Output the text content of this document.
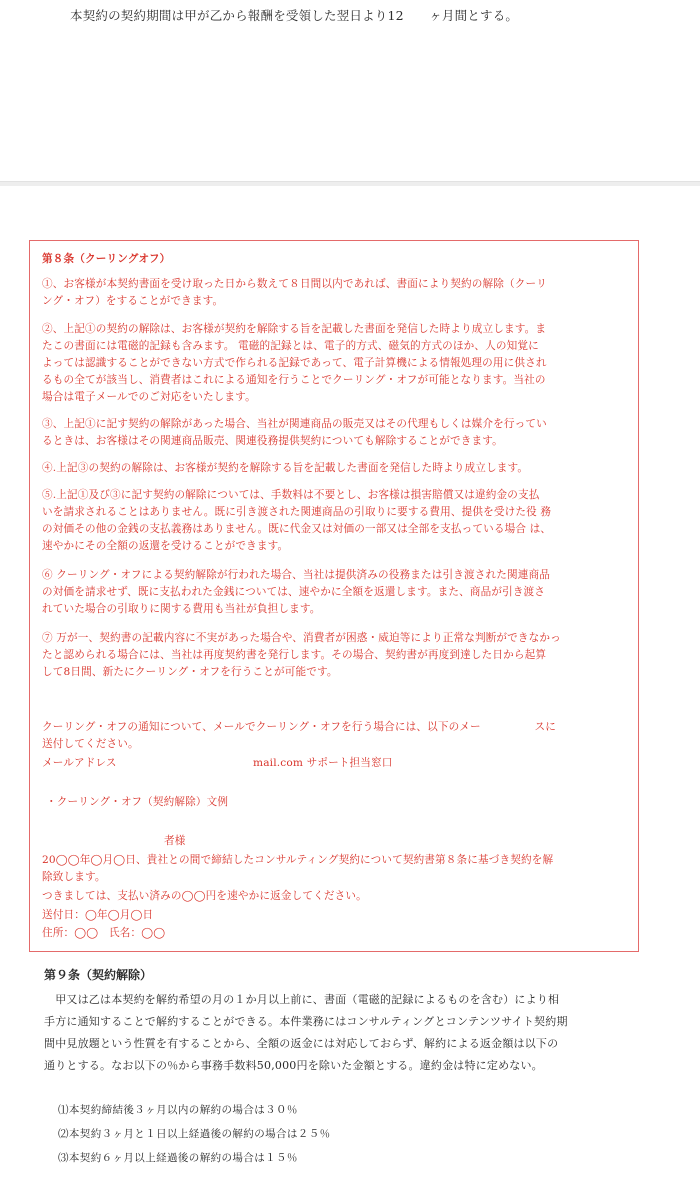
本契約の契約期間は甲が乙から報酬を受領した翌日より12　　ヶ月間とする。
第８条（クーリングオフ）
①、お客様が本契約書面を受け取った日から数えて８日間以内であれば、書面により契約の解除（クーリ
ング・オフ）をすることができます。
②、上記①の契約の解除は、お客様が契約を解除する旨を記載した書面を発信した時より成立します。ま
たこの書面には電磁的記録も含みます。 電磁的記録とは、電子的方式、磁気的方式のほか、人の知覚に
よっては認識することができない方式で作られる記録であって、電子計算機による情報処理の用に供され
るもの全てが該当し、消費者はこれによる通知を行うことでクーリング・オフが可能となります。当社の
場合は電子メールでのご対応をいたします。
③、上記①に記す契約の解除があった場合、当社が関連商品の販売又はその代理もしくは媒介を行ってい
るときは、お客様はその関連商品販売、関連役務提供契約についても解除することができます。
④.上記③の契約の解除は、お客様が契約を解除する旨を記載した書面を発信した時より成立します。
⑤.上記①及び③に記す契約の解除については、手数料は不要とし、お客様は損害賠償又は違約金の支払
いを請求されることはありません。既に引き渡された関連商品の引取りに要する費用、提供を受けた役 務
の対価その他の金銭の支払義務はありません。既に代金又は対価の一部又は全部を支払っている場合 は、
速やかにその全額の返還を受けることができます。
⑥ クーリング・オフによる契約解除が行われた場合、当社は提供済みの役務または引き渡された関連商品
の対価を請求せず、既に支払われた金銭については、速やかに全額を返還します。また、商品が引き渡さ
れていた場合の引取りに関する費用も当社が負担します。
⑦ 万が一、契約書の記載内容に不実があった場合や、消費者が困惑・威迫等により正常な判断ができなかっ
たと認められる場合には、当社は再度契約書を発行します。その場合、契約書が再度到達した日から起算
して8日間、新たにクーリング・オフを行うことが可能です。
クーリング・オフの通知について、メールでクーリング・オフを行う場合には、以下のメー　　　　　スに
送付してください。
メールアドレス	mail.com サポート担当窓口
・クーリング・オフ（契約解除）文例
者様
20◯◯年◯月◯日、貴社との間で締結したコンサルティング契約について契約書第８条に基づき契約を解
除致します。
つきましては、支払い済みの◯◯円を速やかに返金してください。
送付日：◯年◯月◯日
住所：◯◯　氏名：◯◯
第９条（契約解除）
　甲又は乙は本契約を解約希望の月の１か月以上前に、書面（電磁的記録によるものを含む）により相
手方に通知することで解約することができる。本件業務にはコンサルティングとコンテンツサイト契約期
間中見放題という性質を有することから、全額の返金には対応しておらず、解約による返金額は以下の
通りとする。なお以下の％から事務手数料50,000円を除いた金額とする。違約金は特に定めない。
⑴本契約締結後３ヶ月以内の解約の場合は３０％
⑵本契約３ヶ月と１日以上経過後の解約の場合は２５％
⑶本契約６ヶ月以上経過後の解約の場合は１５％
